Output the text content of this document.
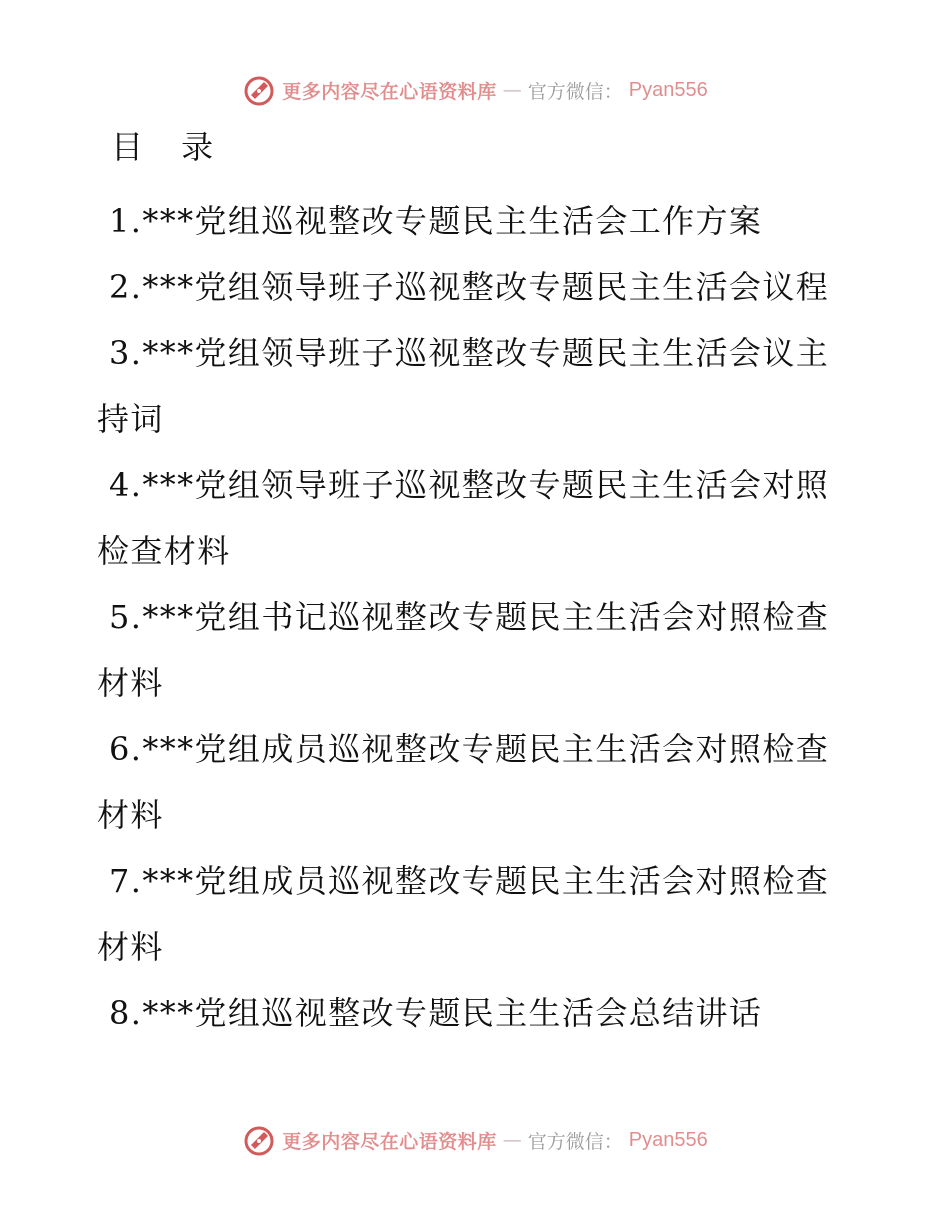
更多内容尽在心语资料库 — 官方微信： Pyan556
目 录
1.***党组巡视整改专题民主生活会工作方案
2.***党组领导班子巡视整改专题民主生活会议程
3.***党组领导班子巡视整改专题民主生活会议主持词
4.***党组领导班子巡视整改专题民主生活会对照检查材料
5.***党组书记巡视整改专题民主生活会对照检查材料
6.***党组成员巡视整改专题民主生活会对照检查材料
7.***党组成员巡视整改专题民主生活会对照检查材料
8.***党组巡视整改专题民主生活会总结讲话
更多内容尽在心语资料库 — 官方微信： Pyan556
